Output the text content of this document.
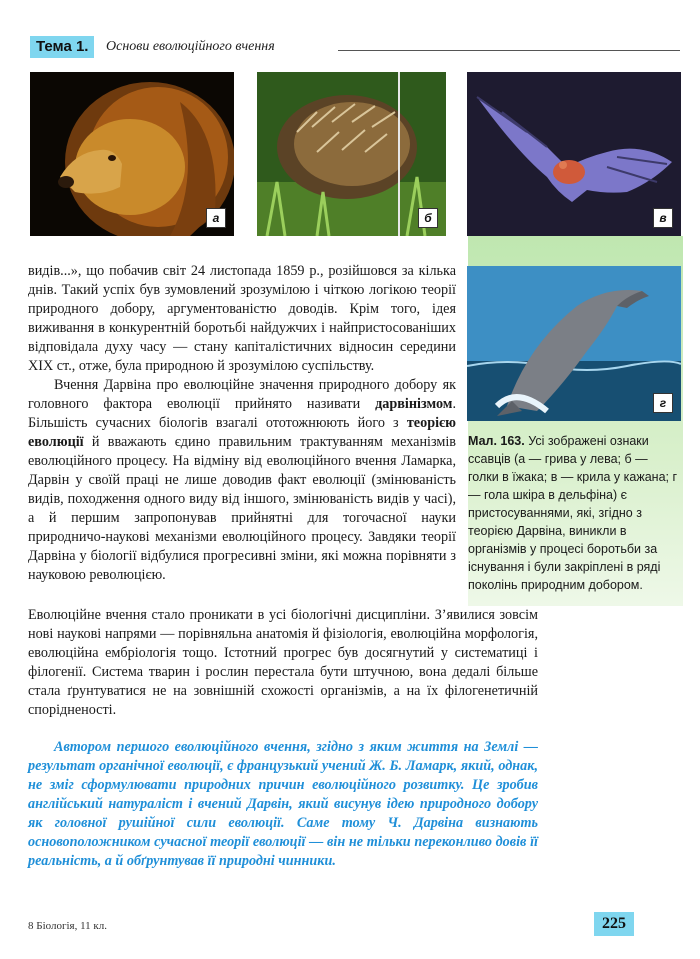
Тема 1.	Основи еволюційного вчення
а	б	в
г
Мал. 163. Усі зображені ознаки ссавців (а — грива у лева; б — голки в їжака; в — крила у кажана; г — гола шкіра в дельфіна) є пристосуваннями, які, згідно з теорією Дарвіна, виникли в організмів у процесі боротьби за існування і були закріплені в ряді поколінь природним добором.

видів...», що побачив світ 24 листопада 1859 р., розійшовся за кілька днів. Такий успіх був зумовлений зрозумілою і чіткою логікою теорії природного добору, аргументованістю доводів. Крім того, ідея виживання в конкурентній боротьбі найдужчих і найпристосованіших відповідала духу часу — стану капіталістичних відносин середини XIX ст., отже, була природною й зрозумілою суспільству.

Вчення Дарвіна про еволюційне значення природного добору як головного фактора еволюції прийнято називати дарвінізмом. Більшість сучасних біологів взагалі ототожнюють його з теорією еволюції й вважають єдино правильним трактуванням механізмів еволюційного процесу. На відміну від еволюційного вчення Ламарка, Дарвін у своїй праці не лише доводив факт еволюції (змінюваність видів, походження одного виду від іншого, змінюваність видів у часі), а й першим запропонував прийнятні для тогочасної науки природничо-наукові механізми еволюційного процесу. Завдяки теорії Дарвіна у біології відбулися прогресивні зміни, які можна порівняти з науковою революцією.

Еволюційне вчення стало проникати в усі біологічні дисципліни. З’явилися зовсім нові наукові напрями — порівняльна анатомія й фізіологія, еволюційна морфологія, еволюційна ембріологія тощо. Істотний прогрес був досягнутий у систематиці і філогенії. Система тварин і рослин перестала бути штучною, вона дедалі більше стала ґрунтуватися не на зовнішній схожості організмів, а на їх філогенетичній спорідненості.

Автором першого еволюційного вчення, згідно з яким життя на Землі — результат органічної еволюції, є французький учений Ж. Б. Ламарк, який, однак, не зміг сформулювати природних причин еволюційного розвитку. Це зробив англійський натураліст і вчений Дарвін, який висунув ідею природного добору як головної рушійної сили еволюції. Саме тому Ч. Дарвіна визнають основоположником сучасної теорії еволюції — він не тільки переконливо довів її реальність, а й обґрунтував її природні чинники.

8 Біологія, 11 кл.	225
